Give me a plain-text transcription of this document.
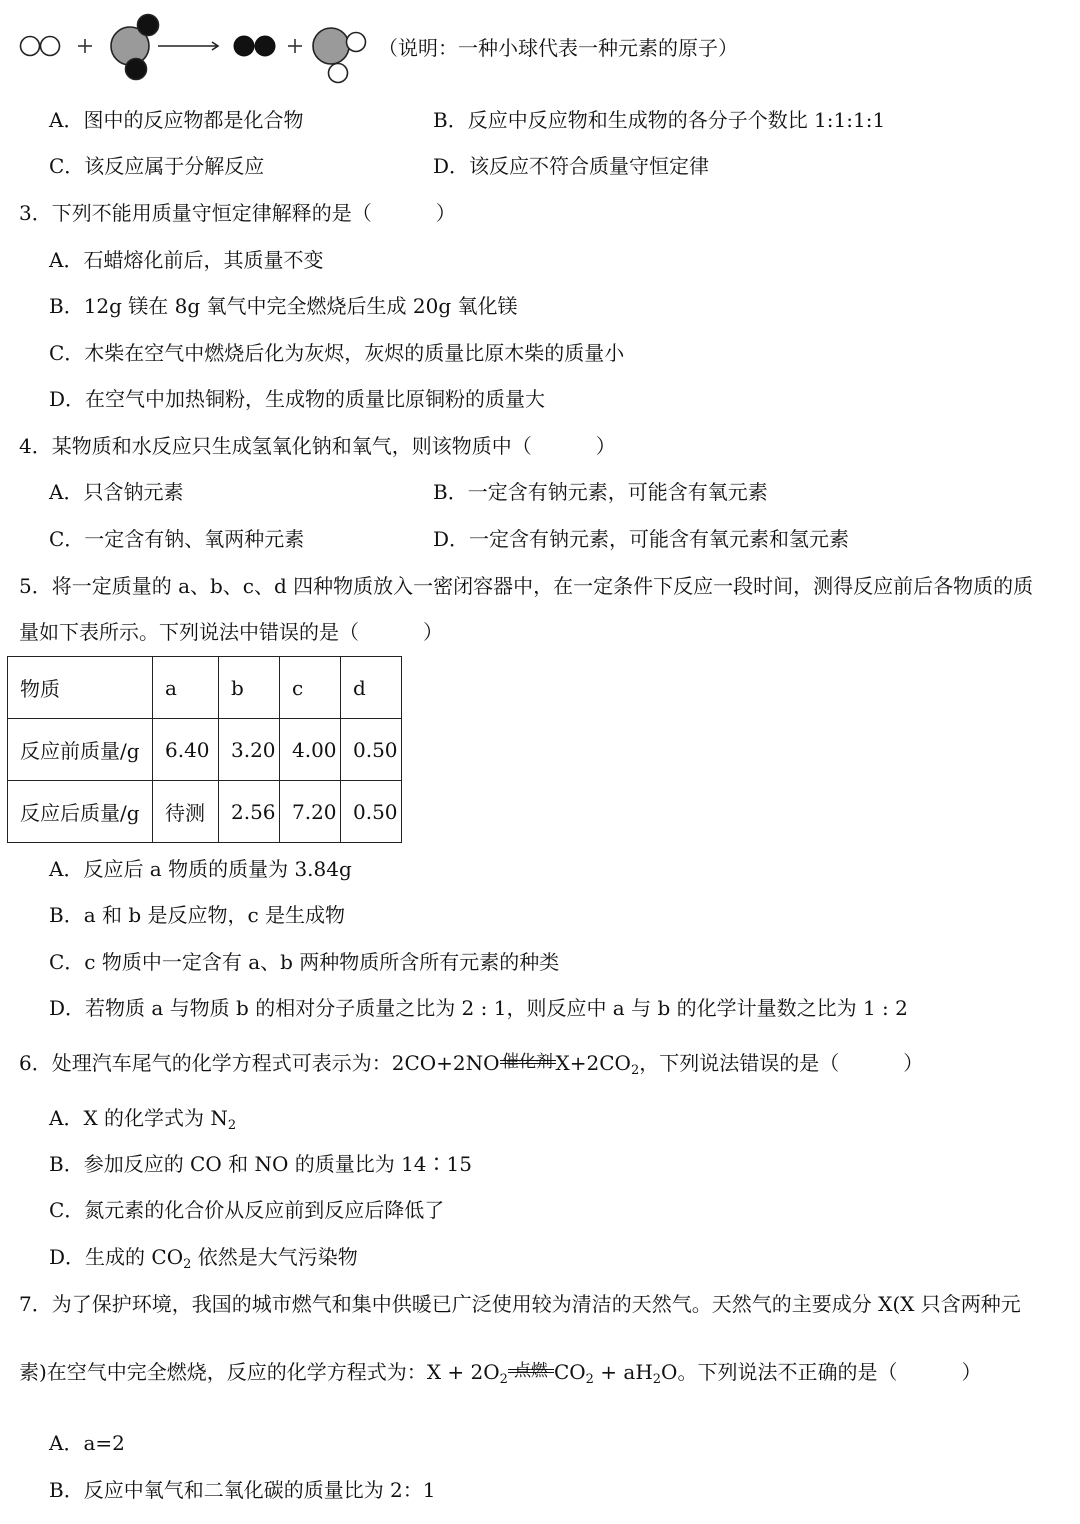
（说明：一种小球代表一种元素的原子）
A．图中的反应物都是化合物	B．反应中反应物和生成物的各分子个数比 1:1:1:1
C．该反应属于分解反应	D．该反应不符合质量守恒定律
3．下列不能用质量守恒定律解释的是（	）
A．石蜡熔化前后，其质量不变
B．12g 镁在 8g 氧气中完全燃烧后生成 20g 氧化镁
C．木柴在空气中燃烧后化为灰烬，灰烬的质量比原木柴的质量小
D．在空气中加热铜粉，生成物的质量比原铜粉的质量大
4．某物质和水反应只生成氢氧化钠和氧气，则该物质中（	）
A．只含钠元素	B．一定含有钠元素，可能含有氧元素
C．一定含有钠、氧两种元素	D．一定含有钠元素，可能含有氧元素和氢元素
5．将一定质量的 a、b、c、d 四种物质放入一密闭容器中，在一定条件下反应一段时间，测得反应前后各物质的质
量如下表所示。下列说法中错误的是（	）
物质	a	b	c	d
反应前质量/g	6.40	3.20	4.00	0.50
反应后质量/g	待测	2.56	7.20	0.50
A．反应后 a 物质的质量为 3.84g
B．a 和 b 是反应物，c 是生成物
C．c 物质中一定含有 a、b 两种物质所含所有元素的种类
D．若物质 a 与物质 b 的相对分子质量之比为 2 : 1，则反应中 a 与 b 的化学计量数之比为 1 : 2
6．处理汽车尾气的化学方程式可表示为：2CO+2NO 催化剂 $X+2CO_2$，下列说法错误的是（	）
A．X 的化学式为 $N_2$
B．参加反应的 CO 和 NO 的质量比为 14∶15
C．氮元素的化合价从反应前到反应后降低了
D．生成的 $CO_2$ 依然是大气污染物
7．为了保护环境，我国的城市燃气和集中供暖已广泛使用较为清洁的天然气。天然气的主要成分 X(X 只含两种元
素)在空气中完全燃烧，反应的化学方程式为：$X + 2O_2$ 点燃 $CO_2 + aH_2O$。下列说法不正确的是（	）
A．a=2
B．反应中氧气和二氧化碳的质量比为 2：1
